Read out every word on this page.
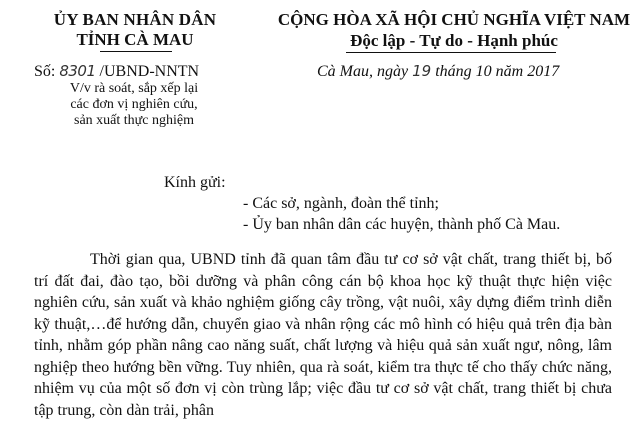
ỦY BAN NHÂN DÂN
TỈNH CÀ MAU
CỘNG HÒA XÃ HỘI CHỦ NGHĨA VIỆT NAM
Độc lập - Tự do - Hạnh phúc
Số: 8301 /UBND-NNTN
V/v rà soát, sắp xếp lại các đơn vị nghiên cứu, sản xuất thực nghiệm
Cà Mau, ngày 19 tháng 10 năm 2017
Kính gửi:
- Các sở, ngành, đoàn thể tỉnh;
- Ủy ban nhân dân các huyện, thành phố Cà Mau.
Thời gian qua, UBND tỉnh đã quan tâm đầu tư cơ sở vật chất, trang thiết bị, bố trí đất đai, đào tạo, bồi dưỡng và phân công cán bộ khoa học kỹ thuật thực hiện việc nghiên cứu, sản xuất và khảo nghiệm giống cây trồng, vật nuôi, xây dựng điểm trình diễn kỹ thuật,…để hướng dẫn, chuyển giao và nhân rộng các mô hình có hiệu quả trên địa bàn tỉnh, nhằm góp phần nâng cao năng suất, chất lượng và hiệu quả sản xuất ngư, nông, lâm nghiệp theo hướng bền vững. Tuy nhiên, qua rà soát, kiểm tra thực tế cho thấy chức năng, nhiệm vụ của một số đơn vị còn trùng lắp; việc đầu tư cơ sở vật chất, trang thiết bị chưa tập trung, còn dàn trải, phân
